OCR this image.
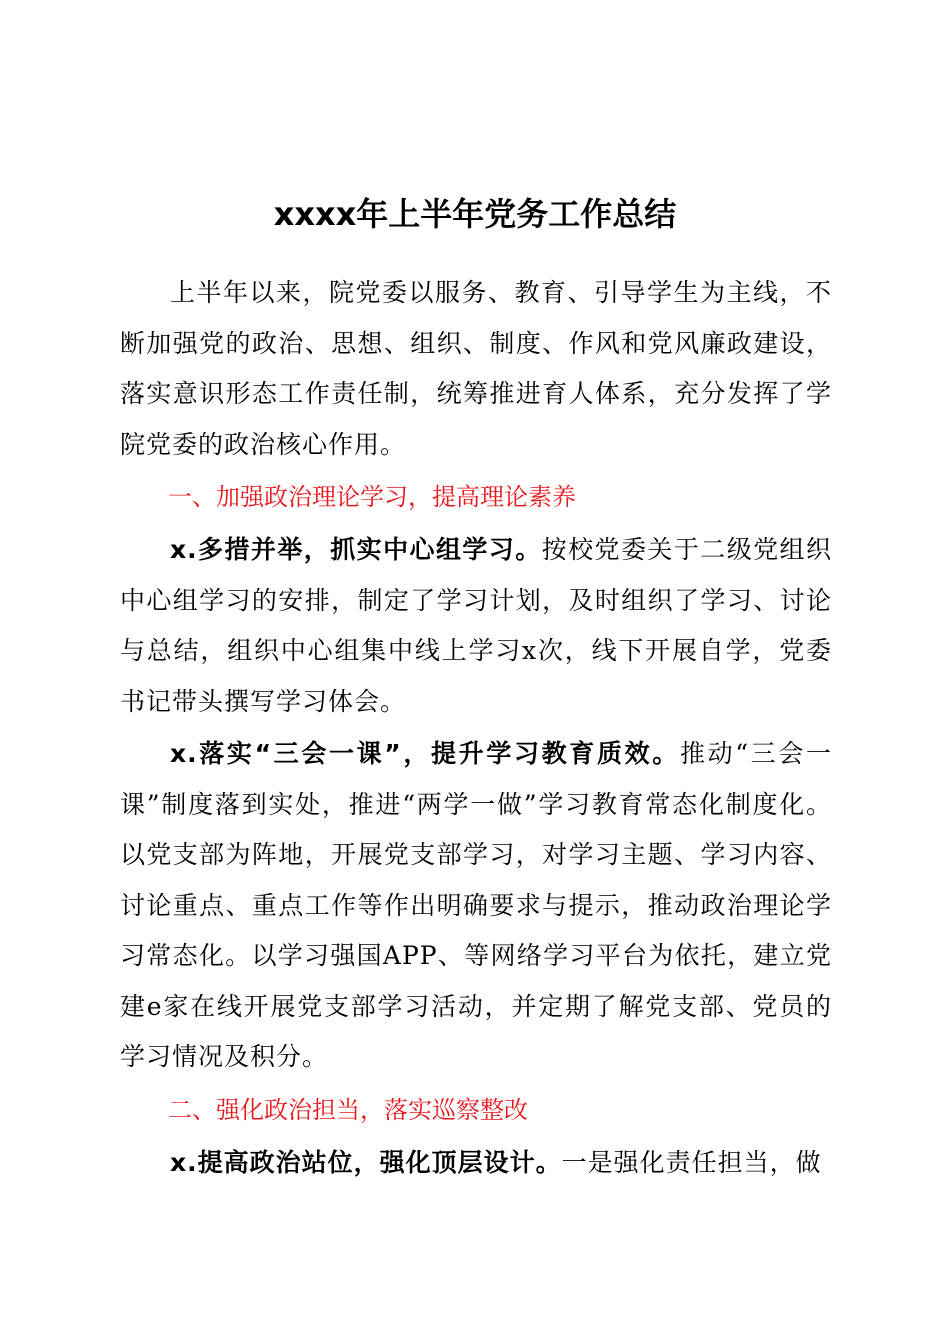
xxxx年上半年党务工作总结

上半年以来，院党委以服务、教育、引导学生为主线，不断加强党的政治、思想、组织、制度、作风和党风廉政建设，落实意识形态工作责任制，统筹推进育人体系，充分发挥了学院党委的政治核心作用。

一、加强政治理论学习，提高理论素养

x.多措并举，抓实中心组学习。按校党委关于二级党组织中心组学习的安排，制定了学习计划，及时组织了学习、讨论与总结，组织中心组集中线上学习x次，线下开展自学，党委书记带头撰写学习体会。

x.落实“三会一课”，提升学习教育质效。推动“三会一课”制度落到实处，推进“两学一做”学习教育常态化制度化。以党支部为阵地，开展党支部学习，对学习主题、学习内容、讨论重点、重点工作等作出明确要求与提示，推动政治理论学习常态化。以学习强国APP、等网络学习平台为依托，建立党建e家在线开展党支部学习活动，并定期了解党支部、党员的学习情况及积分。

二、强化政治担当，落实巡察整改

x.提高政治站位，强化顶层设计。一是强化责任担当，做
